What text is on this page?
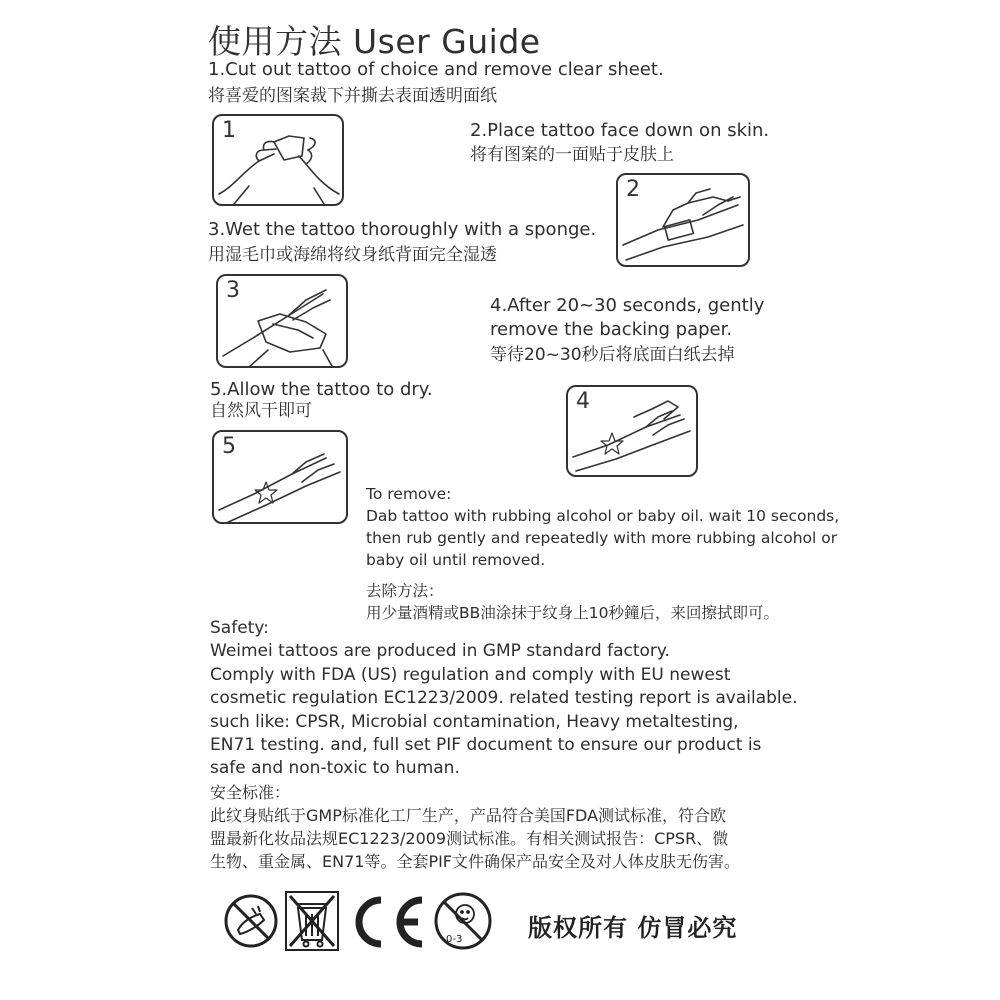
使用方法 User Guide
1.Cut out tattoo of choice and remove clear sheet.
将喜爱的图案裁下并撕去表面透明面纸
1	2.Place tattoo face down on skin.
将有图案的一面贴于皮肤上
2
3.Wet the tattoo thoroughly with a sponge.
用湿毛巾或海绵将纹身纸背面完全湿透
3
4.After 20~30 seconds, gently
remove the backing paper.
等待20~30秒后将底面白纸去掉
4
5.Allow the tattoo to dry.
自然风干即可
5
To remove:
Dab tattoo with rubbing alcohol or baby oil. wait 10 seconds,
then rub gently and repeatedly with more rubbing alcohol or
baby oil until removed.
去除方法：
用少量酒精或BB油涂抹于纹身上10秒鐘后，来回擦拭即可。
Safety:
Weimei tattoos are produced in GMP standard factory.
Comply with FDA (US) regulation and comply with EU newest
cosmetic regulation EC1223/2009. related testing report is available.
such like: CPSR, Microbial contamination, Heavy metaltesting,
EN71 testing. and, full set PIF document to ensure our product is
safe and non-toxic to human.
安全标准：
此纹身贴纸于GMP标准化工厂生产，产品符合美国FDA测试标准，符合欧
盟最新化妆品法规EC1223/2009测试标准。有相关测试报告：CPSR、微
生物、重金属、EN71等。全套PIF文件确保产品安全及对人体皮肤无伤害。
0-3	版权所有 仿冒必究
